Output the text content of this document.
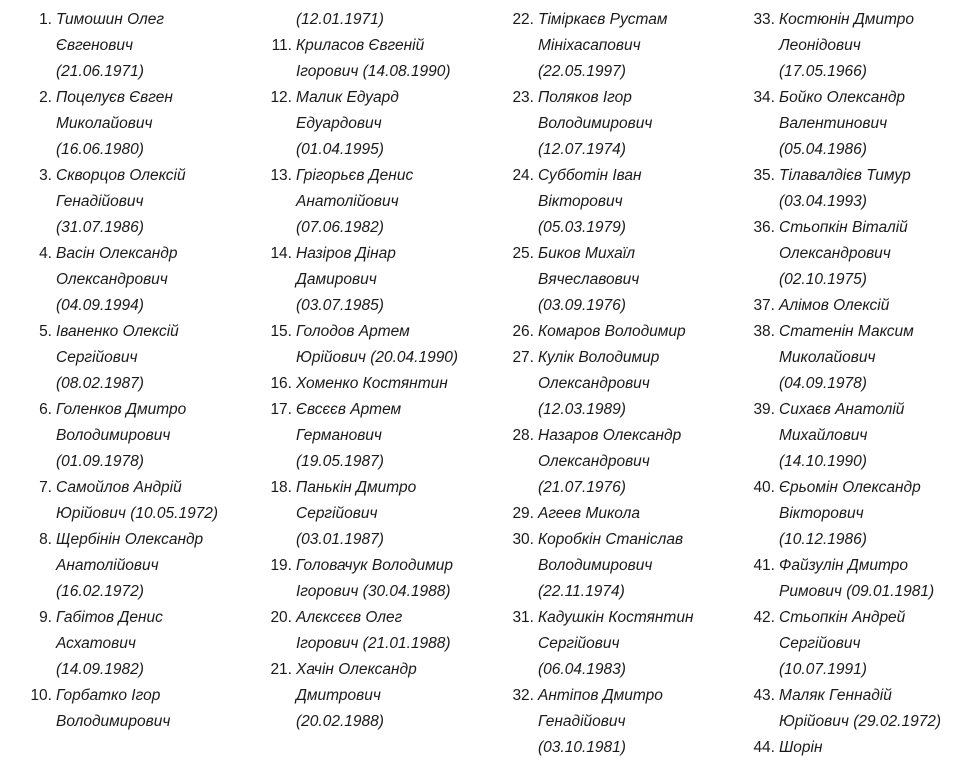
1. Тимошин Олег
Євгенович
(21.06.1971)
2. Поцелуєв Євген
Миколайович
(16.06.1980)
3. Скворцов Олексій
Генадійович
(31.07.1986)
4. Васін Олександр
Олександрович
(04.09.1994)
5. Іваненко Олексій
Сергійович
(08.02.1987)
6. Голенков Дмитро
Володимирович
(01.09.1978)
7. Самойлов Андрій
Юрійович (10.05.1972)
8. Щербінін Олександр
Анатолійович
(16.02.1972)
9. Габітов Денис
Асхатович
(14.09.1982)
10. Горбатко Ігор
Володимирович
(12.01.1971)
11. Криласов Євгеній
Ігорович (14.08.1990)
12. Малик Едуард
Едуардович
(01.04.1995)
13. Грігорьєв Денис
Анатолійович
(07.06.1982)
14. Назіров Дінар
Дамирович
(03.07.1985)
15. Голодов Артем
Юрійович (20.04.1990)
16. Хоменко Костянтин
17. Євсєєв Артем
Германович
(19.05.1987)
18. Панькін Дмитро
Сергійович
(03.01.1987)
19. Головачук Володимир
Ігорович (30.04.1988)
20. Алєксєєв Олег
Ігорович (21.01.1988)
21. Хачін Олександр
Дмитрович
(20.02.1988)
22. Тіміркаєв Рустам
Мініхасапович
(22.05.1997)
23. Поляков Ігор
Володимирович
(12.07.1974)
24. Субботін Іван
Вікторович
(05.03.1979)
25. Биков Михаїл
Вячеславович
(03.09.1976)
26. Комаров Володимир
27. Кулік Володимир
Олександрович
(12.03.1989)
28. Назаров Олександр
Олександрович
(21.07.1976)
29. Агеев Микола
30. Коробкін Станіслав
Володимирович
(22.11.1974)
31. Кадушкін Костянтин
Сергійович
(06.04.1983)
32. Антіпов Дмитро
Генадійович
(03.10.1981)
33. Костюнін Дмитро
Леонідович
(17.05.1966)
34. Бойко Олександр
Валентинович
(05.04.1986)
35. Тілавалдієв Тимур
(03.04.1993)
36. Стьопкін Віталій
Олександрович
(02.10.1975)
37. Алімов Олексій
38. Статенін Максим
Миколайович
(04.09.1978)
39. Сихаєв Анатолій
Михайлович
(14.10.1990)
40. Єрьомін Олександр
Вікторович
(10.12.1986)
41. Файзулін Дмитро
Римович (09.01.1981)
42. Стьопкін Андрей
Сергійович
(10.07.1991)
43. Маляк Геннадій
Юрійович (29.02.1972)
44. Шорін
